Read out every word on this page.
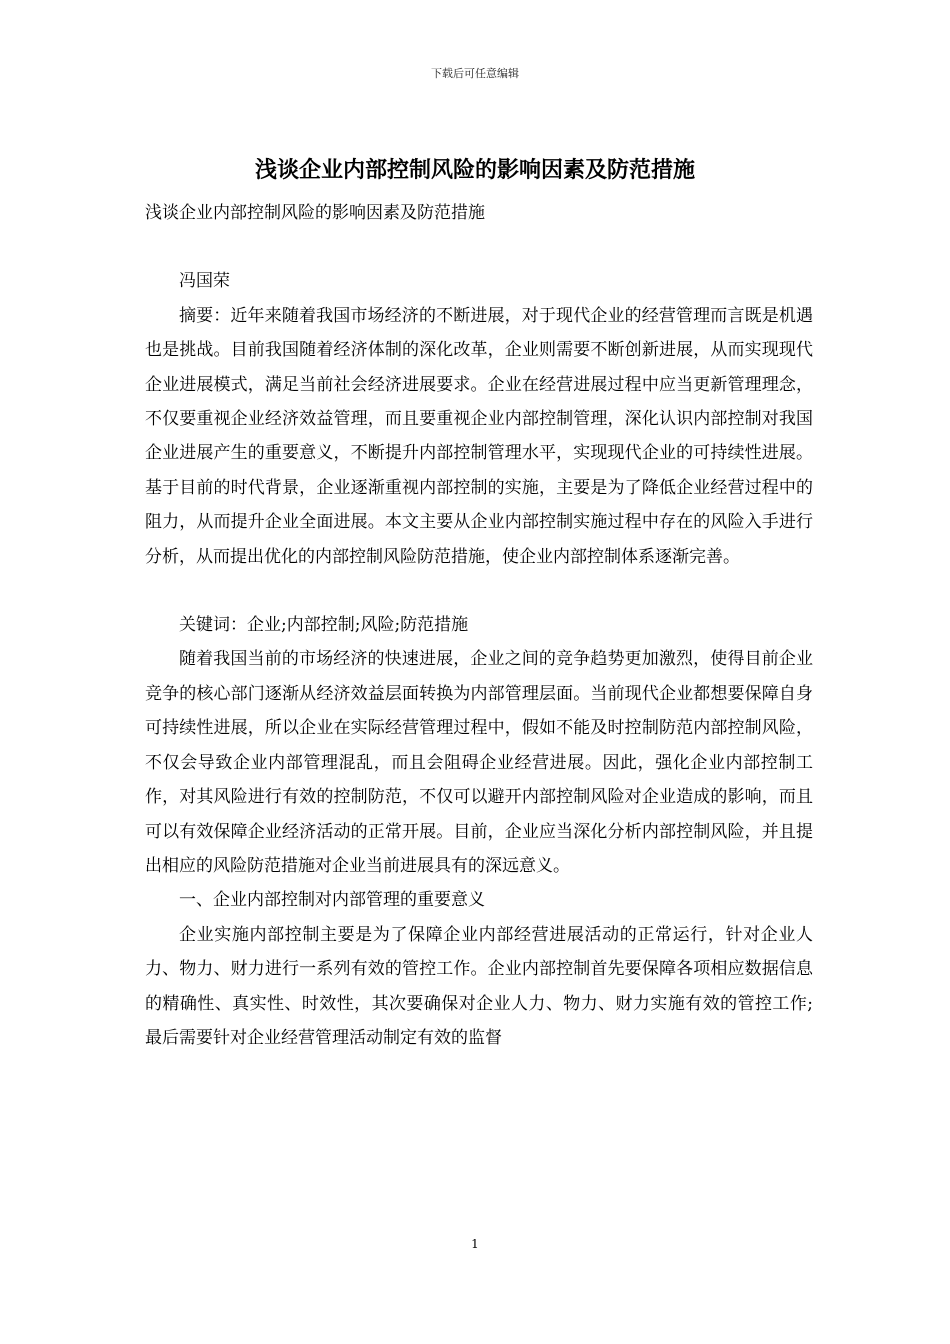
下载后可任意编辑
浅谈企业内部控制风险的影响因素及防范措施

浅谈企业内部控制风险的影响因素及防范措施

冯国荣

摘要：近年来随着我国市场经济的不断进展，对于现代企业的经营管理而言既是机遇也是挑战。目前我国随着经济体制的深化改革，企业则需要不断创新进展，从而实现现代企业进展模式，满足当前社会经济进展要求。企业在经营进展过程中应当更新管理理念，不仅要重视企业经济效益管理，而且要重视企业内部控制管理，深化认识内部控制对我国企业进展产生的重要意义，不断提升内部控制管理水平，实现现代企业的可持续性进展。基于目前的时代背景，企业逐渐重视内部控制的实施，主要是为了降低企业经营过程中的阻力，从而提升企业全面进展。本文主要从企业内部控制实施过程中存在的风险入手进行分析，从而提出优化的内部控制风险防范措施，使企业内部控制体系逐渐完善。

关键词：企业;内部控制;风险;防范措施

随着我国当前的市场经济的快速进展，企业之间的竞争趋势更加激烈，使得目前企业竞争的核心部门逐渐从经济效益层面转换为内部管理层面。当前现代企业都想要保障自身可持续性进展，所以企业在实际经营管理过程中，假如不能及时控制防范内部控制风险，不仅会导致企业内部管理混乱，而且会阻碍企业经营进展。因此，强化企业内部控制工作，对其风险进行有效的控制防范，不仅可以避开内部控制风险对企业造成的影响，而且可以有效保障企业经济活动的正常开展。目前，企业应当深化分析内部控制风险，并且提出相应的风险防范措施对企业当前进展具有的深远意义。

一、企业内部控制对内部管理的重要意义

企业实施内部控制主要是为了保障企业内部经营进展活动的正常运行，针对企业人力、物力、财力进行一系列有效的管控工作。企业内部控制首先要保障各项相应数据信息的精确性、真实性、时效性，其次要确保对企业人力、物力、财力实施有效的管控工作;最后需要针对企业经营管理活动制定有效的监督

1
